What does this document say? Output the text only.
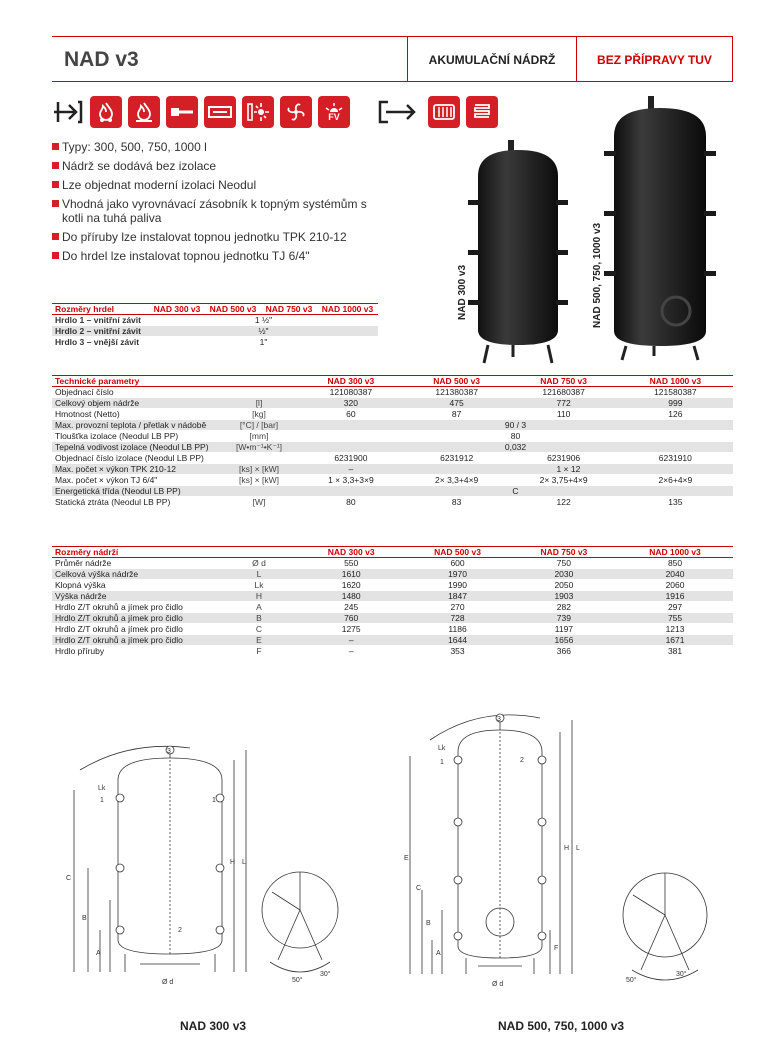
NAD v3	AKUMULAČNÍ NÁDRŽ	BEZ PŘÍPRAVY TUV
FV
Typy: 300, 500, 750, 1000 l
Nádrž se dodává bez izolace
Lze objednat moderní izolaci Neodul
Vhodná jako vyrovnávací zásobník k topným systémům s kotli na tuhá paliva
Do příruby lze instalovat topnou jednotku TPK 210-12
Do hrdel lze instalovat topnou jednotku TJ 6/4"
NAD 300 v3	NAD 500, 750, 1000 v3
Rozměry hrdel	NAD 300 v3	NAD 500 v3	NAD 750 v3	NAD 1000 v3
Hrdlo 1 – vnitřní závit	1 ½"			
Hrdlo 2 – vnitřní závit	½"			
Hrdlo 3 – vnější závit	1"			
Technické parametry		NAD 300 v3	NAD 500 v3	NAD 750 v3	NAD 1000 v3
Objednací číslo		121080387	121380387	121680387	121580387
Celkový objem nádrže	[l]	320	475	772	999
Hmotnost (Netto)	[kg]	60	87	110	126
Max. provozní teplota / přetlak v nádobě	[°C] / [bar]	90 / 3			
Tloušťka izolace (Neodul LB PP)	[mm]	80			
Tepelná vodivost izolace (Neodul LB PP)	[W•m⁻¹•K⁻¹]	0,032			
Objednací číslo izolace (Neodul LB PP)		6231900	6231912	6231906	6231910
Max. počet × výkon TPK 210-12	[ks] × [kW]	–	1 × 12		
Max. počet × výkon TJ 6/4"	[ks] × [kW]	1 × 3,3+3×9	2× 3,3+4×9	2× 3,75+4×9	2×6+4×9
Energetická třída (Neodul LB PP)		C			
Statická ztráta (Neodul LB PP)	[W]	80	83	122	135
Rozměry nádrží		NAD 300 v3	NAD 500 v3	NAD 750 v3	NAD 1000 v3
Průměr nádrže	Ø d	550	600	750	850
Celková výška nádrže	L	1610	1970	2030	2040
Klopná výška	Lk	1620	1990	2050	2060
Výška nádrže	H	1480	1847	1903	1916
Hrdlo Z/T okruhů a jímek pro čidlo	A	245	270	282	297
Hrdlo Z/T okruhů a jímek pro čidlo	B	760	728	739	755
Hrdlo Z/T okruhů a jímek pro čidlo	C	1275	1186	1197	1213
Hrdlo Z/T okruhů a jímek pro čidlo	E	–	1644	1656	1671
Hrdlo příruby	F	–	353	366	381
1	1
3
2
C
B
A
H L
Ø d
Lk
50°
30°
1
3
2
E
C
B
A
F
H L
Ø d
Lk
50°
30°
NAD 300 v3	NAD 500, 750, 1000 v3
